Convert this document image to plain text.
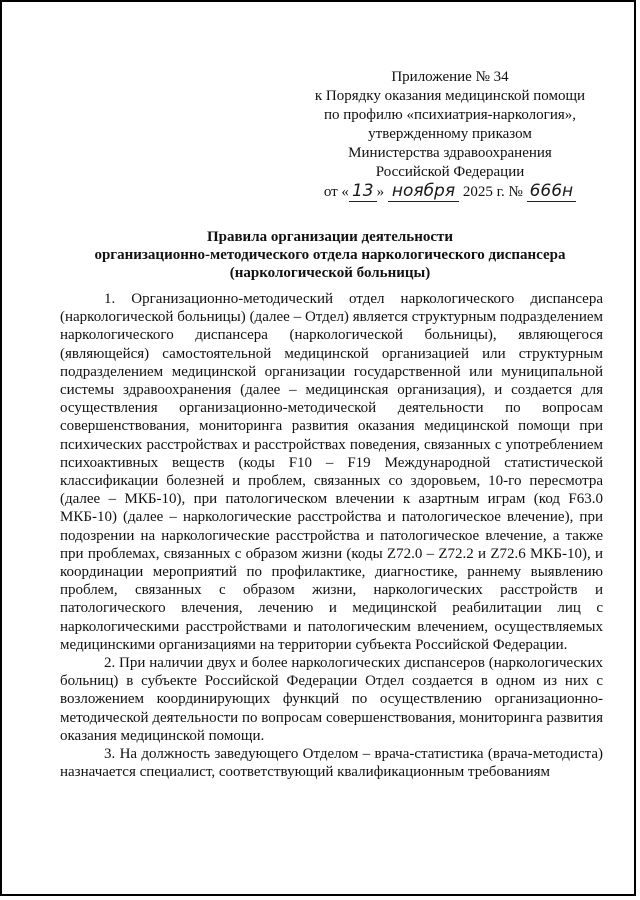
Приложение № 34
к Порядку оказания медицинской помощи
по профилю «психиатрия-наркология»,
утвержденному приказом
Министерства здравоохранения
Российской Федерации
от « 13 » ноября 2025 г. № 666н
Правила организации деятельности
организационно-методического отдела наркологического диспансера
(наркологической больницы)

1. Организационно-методический отдел наркологического диспансера (наркологической больницы) (далее – Отдел) является структурным подразделением наркологического диспансера (наркологической больницы), являющегося (являющейся) самостоятельной медицинской организацией или структурным подразделением медицинской организации государственной или муниципальной системы здравоохранения (далее – медицинская организация), и создается для осуществления организационно-методической деятельности по вопросам совершенствования, мониторинга развития оказания медицинской помощи при психических расстройствах и расстройствах поведения, связанных с употреблением психоактивных веществ (коды F10 – F19 Международной статистической классификации болезней и проблем, связанных со здоровьем, 10-го пересмотра (далее – МКБ-10), при патологическом влечении к азартным играм (код F63.0 МКБ-10) (далее – наркологические расстройства и патологическое влечение), при подозрении на наркологические расстройства и патологическое влечение, а также при проблемах, связанных с образом жизни (коды Z72.0 – Z72.2 и Z72.6 МКБ-10), и координации мероприятий по профилактике, диагностике, раннему выявлению проблем, связанных с образом жизни, наркологических расстройств и патологического влечения, лечению и медицинской реабилитации лиц с наркологическими расстройствами и патологическим влечением, осуществляемых медицинскими организациями на территории субъекта Российской Федерации.

2. При наличии двух и более наркологических диспансеров (наркологических больниц) в субъекте Российской Федерации Отдел создается в одном из них с возложением координирующих функций по осуществлению организационно-методической деятельности по вопросам совершенствования, мониторинга развития оказания медицинской помощи.

3. На должность заведующего Отделом – врача-статистика (врача-методиста) назначается специалист, соответствующий квалификационным требованиям
